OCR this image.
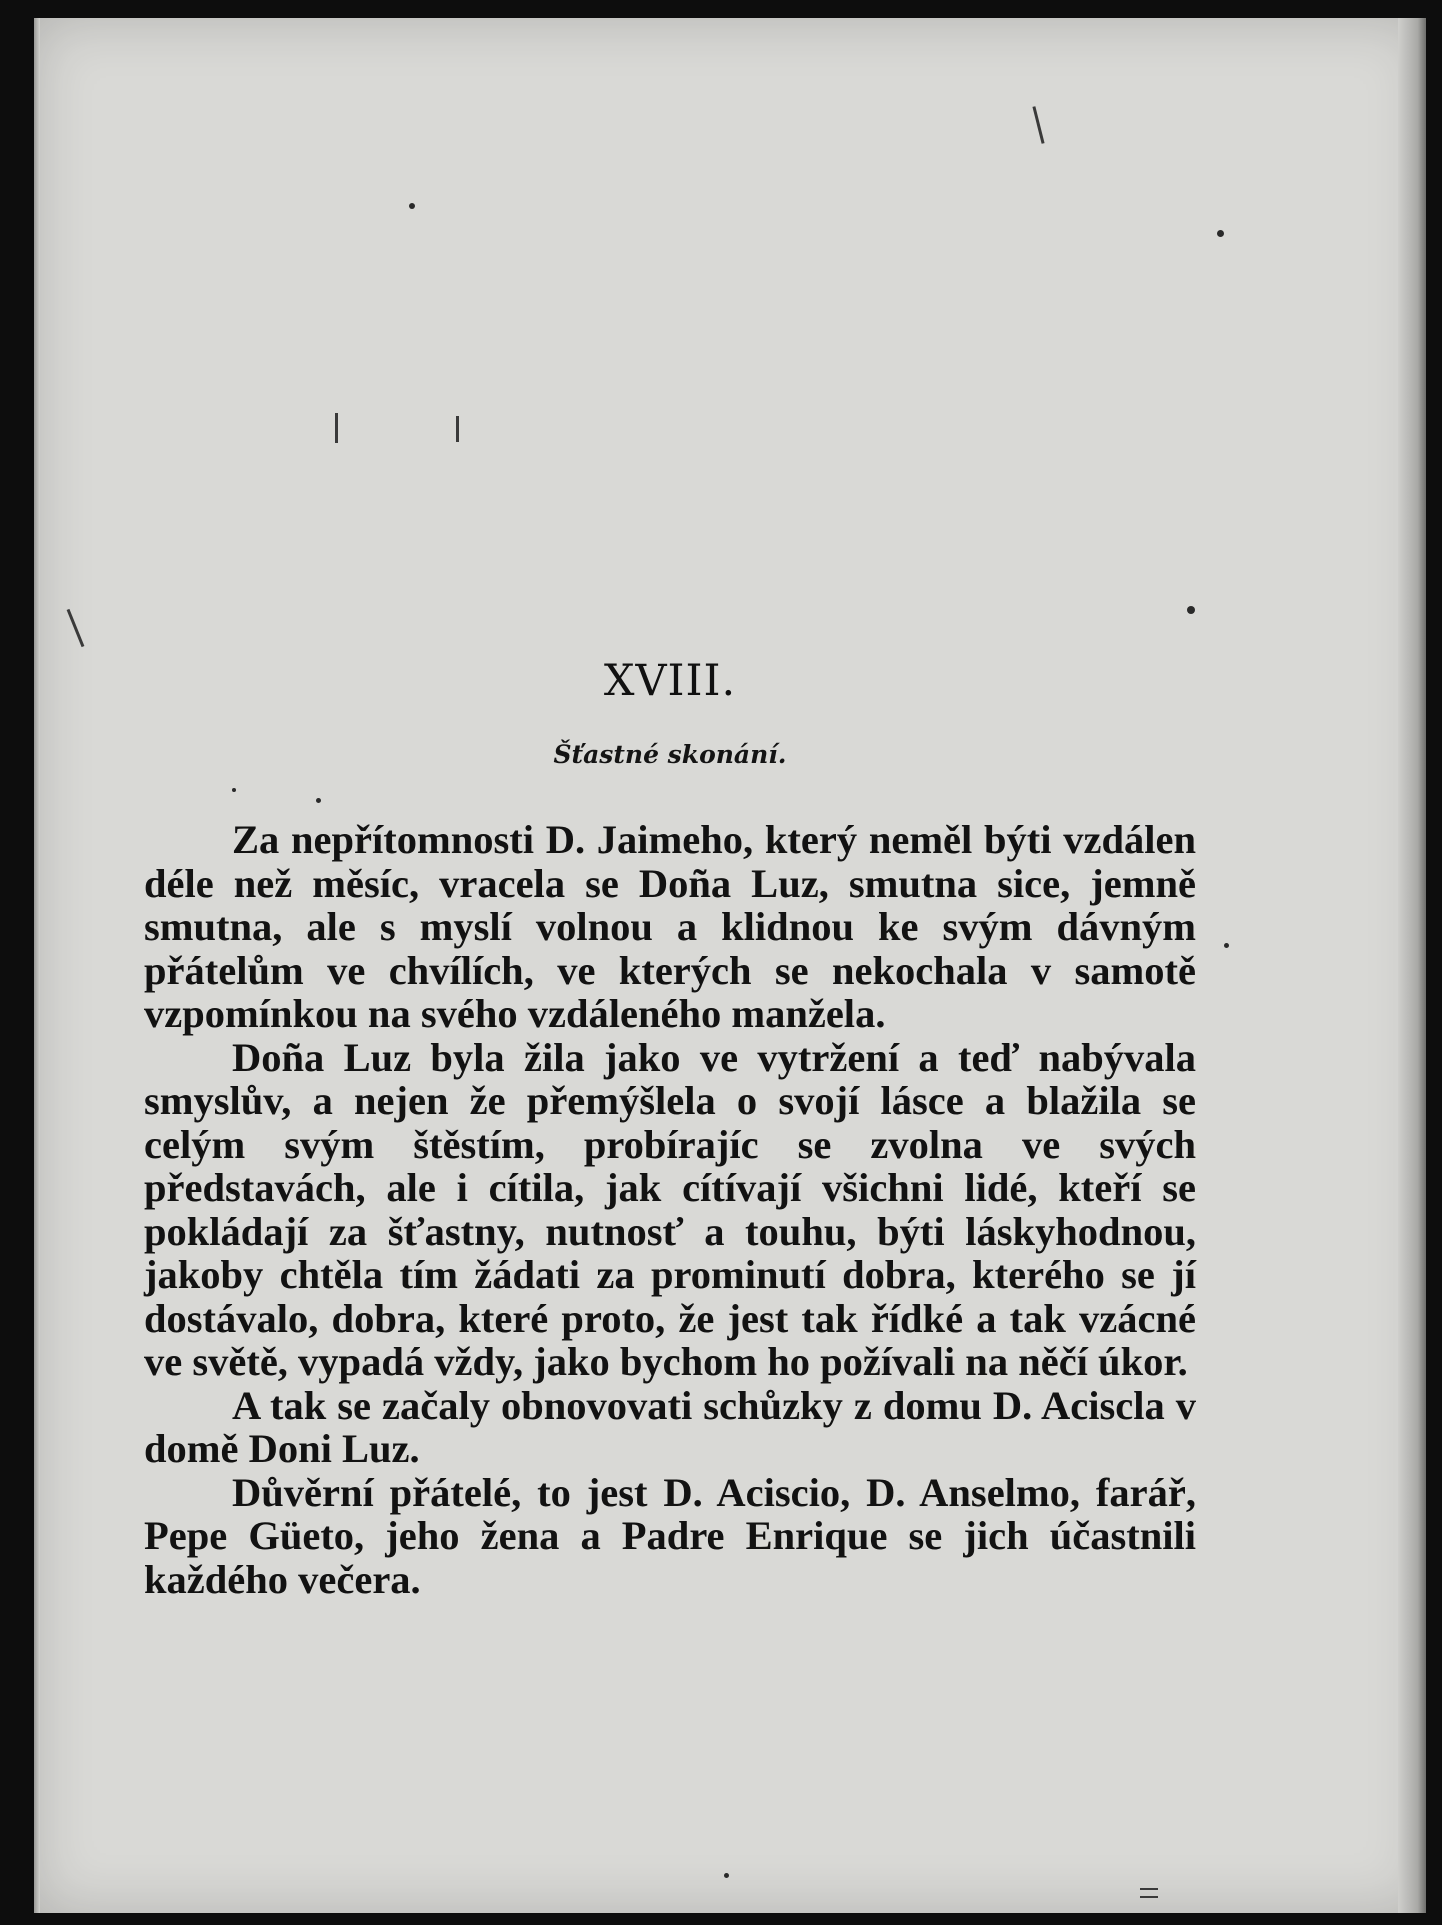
XVIII.
Šťastné skonání.

Za nepřítomnosti D. Jaimeho, který neměl býti vzdálen déle než měsíc, vracela se Doña Luz, smutna sice, jemně smutna, ale s myslí volnou a klidnou ke svým dávným přátelům ve chvílích, ve kterých se nekochala v samotě vzpomínkou na svého vzdáleného manžela.

Doña Luz byla žila jako ve vytržení a teď nabývala smyslův, a nejen že přemýšlela o svojí lásce a blažila se celým svým štěstím, probírajíc se zvolna ve svých představách, ale i cítila, jak cítívají všichni lidé, kteří se pokládají za šťastny, nutnosť a touhu, býti láskyhodnou, jakoby chtěla tím žádati za prominutí dobra, kterého se jí dostávalo, dobra, které proto, že jest tak řídké a tak vzácné ve světě, vypadá vždy, jako bychom ho požívali na něčí úkor.

A tak se začaly obnovovati schůzky z domu D. Aciscla v domě Doni Luz.

Důvěrní přátelé, to jest D. Aciscio, D. Anselmo, farář, Pepe Güeto, jeho žena a Padre Enrique se jich účastnili každého večera.
